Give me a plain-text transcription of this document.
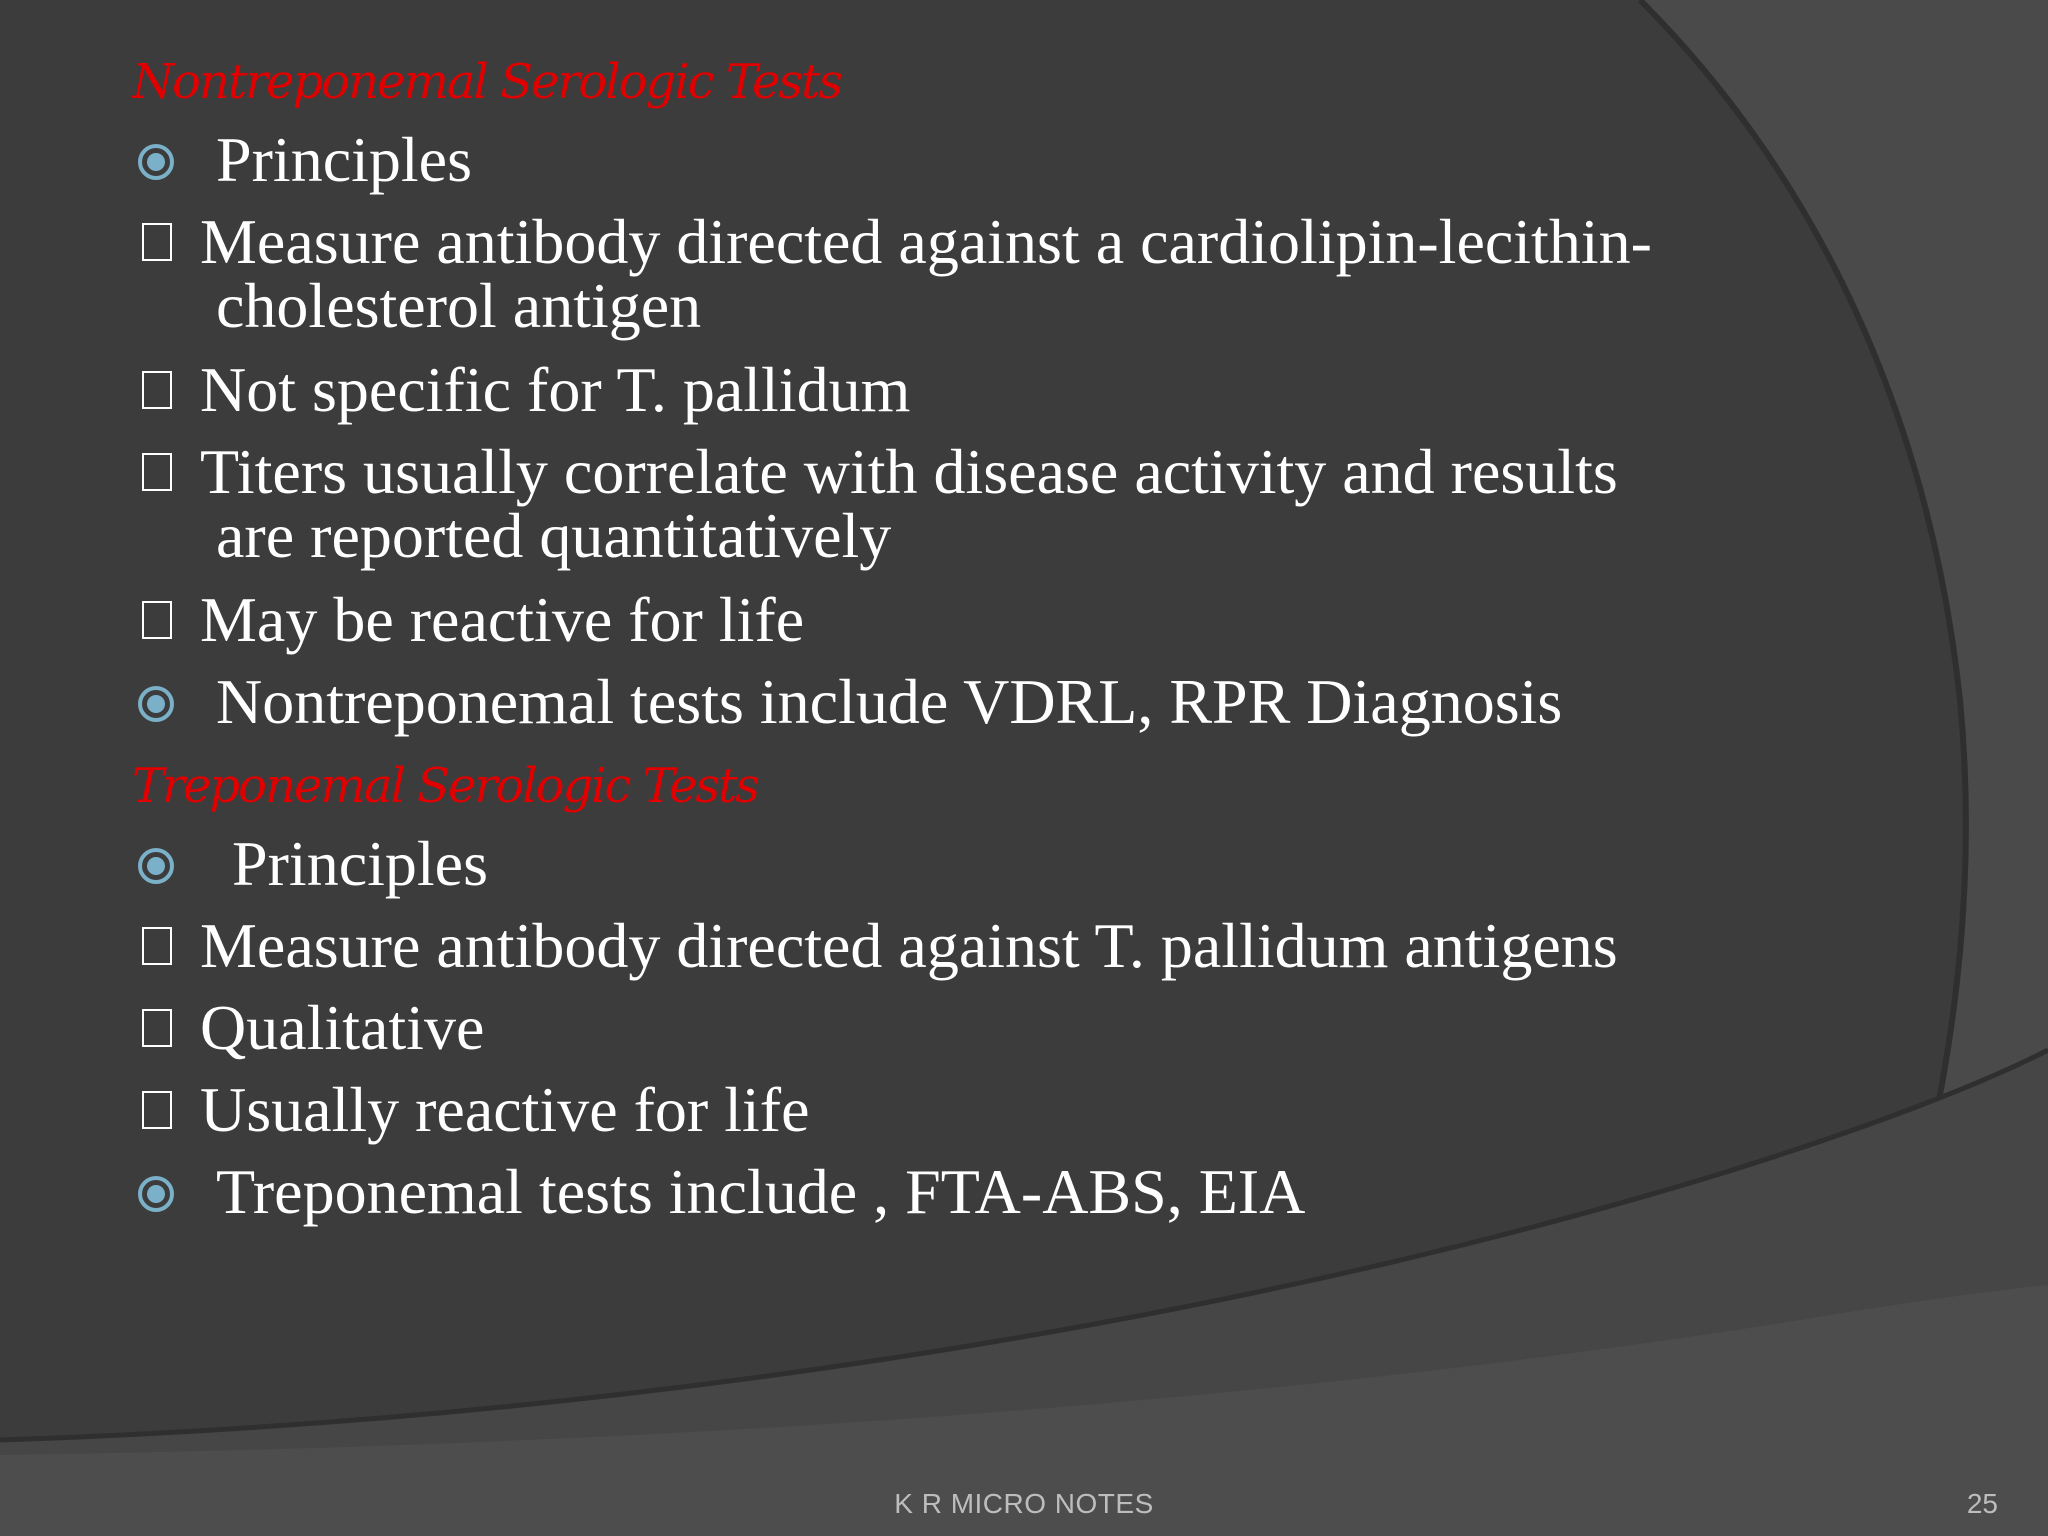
Nontreponemal Serologic Tests
Principles
Measure antibody directed against a cardiolipin-lecithin-
cholesterol antigen
Not specific for T. pallidum
Titers usually correlate with disease activity and results
are reported quantitatively
May be reactive for life
Nontreponemal tests include VDRL, RPR Diagnosis
Treponemal Serologic Tests
Principles
Measure antibody directed against T. pallidum antigens
Qualitative
Usually reactive for life
Treponemal tests include , FTA-ABS, EIA
K R MICRO NOTES	25
